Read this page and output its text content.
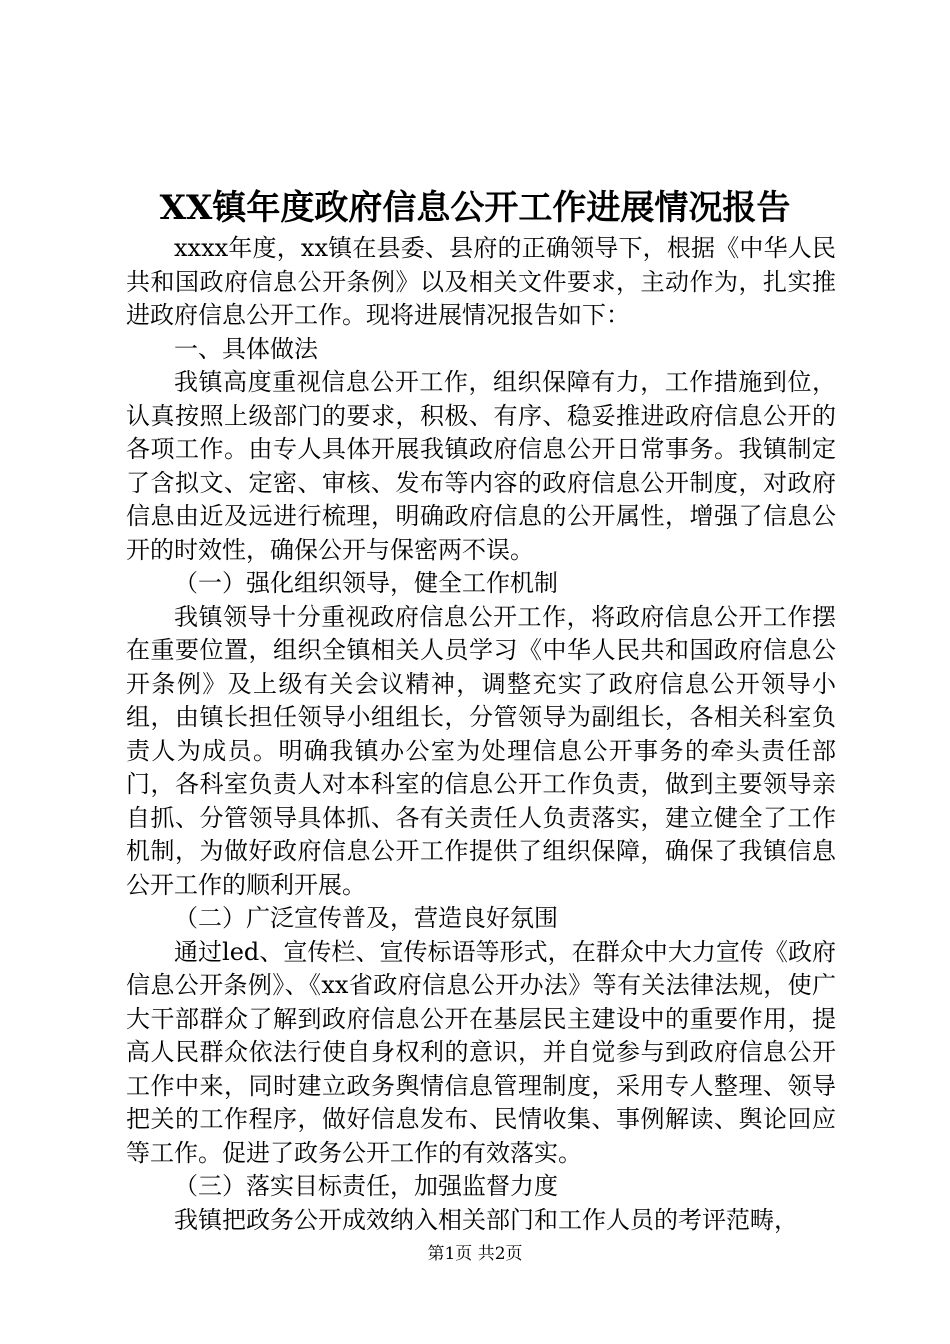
XX镇年度政府信息公开工作进展情况报告

xxxx年度，xx镇在县委、县府的正确领导下，根据《中华人民共和国政府信息公开条例》以及相关文件要求，主动作为，扎实推进政府信息公开工作。现将进展情况报告如下：

一、具体做法

我镇高度重视信息公开工作，组织保障有力，工作措施到位，认真按照上级部门的要求，积极、有序、稳妥推进政府信息公开的各项工作。由专人具体开展我镇政府信息公开日常事务。我镇制定了含拟文、定密、审核、发布等内容的政府信息公开制度，对政府信息由近及远进行梳理，明确政府信息的公开属性，增强了信息公开的时效性，确保公开与保密两不误。

（一）强化组织领导，健全工作机制

我镇领导十分重视政府信息公开工作，将政府信息公开工作摆在重要位置，组织全镇相关人员学习《中华人民共和国政府信息公开条例》及上级有关会议精神，调整充实了政府信息公开领导小组，由镇长担任领导小组组长，分管领导为副组长，各相关科室负责人为成员。明确我镇办公室为处理信息公开事务的牵头责任部门，各科室负责人对本科室的信息公开工作负责，做到主要领导亲自抓、分管领导具体抓、各有关责任人负责落实，建立健全了工作机制，为做好政府信息公开工作提供了组织保障，确保了我镇信息公开工作的顺利开展。

（二）广泛宣传普及，营造良好氛围

通过led、宣传栏、宣传标语等形式，在群众中大力宣传《政府信息公开条例》、《xx省政府信息公开办法》等有关法律法规，使广大干部群众了解到政府信息公开在基层民主建设中的重要作用，提高人民群众依法行使自身权利的意识，并自觉参与到政府信息公开工作中来，同时建立政务舆情信息管理制度，采用专人整理、领导把关的工作程序，做好信息发布、民情收集、事例解读、舆论回应等工作。促进了政务公开工作的有效落实。

（三）落实目标责任，加强监督力度

我镇把政务公开成效纳入相关部门和工作人员的考评范畴，

第1页 共2页
